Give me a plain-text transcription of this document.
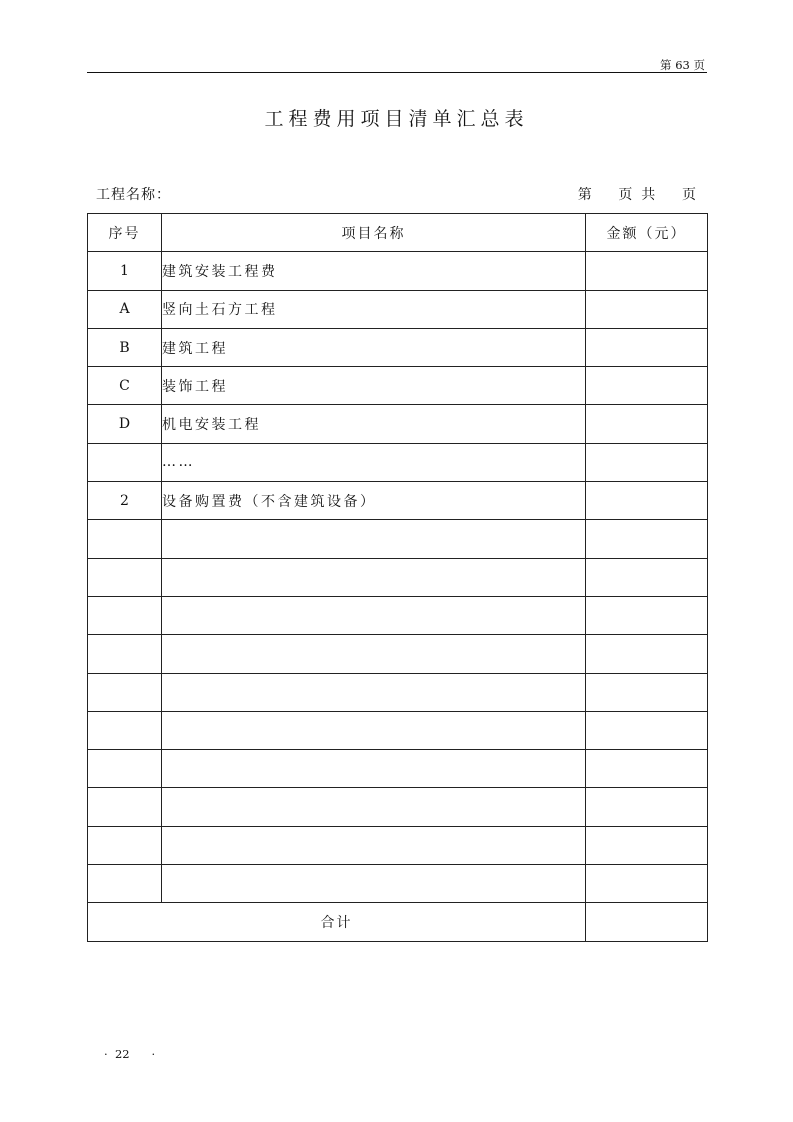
第 63 页
工程费用项目清单汇总表
工程名称：	第      页  共      页
序号	项目名称	金额（元）
1	建筑安装工程费	
A	竖向土石方工程	
B	建筑工程	
C	装饰工程	
D	机电安装工程	
	……	
2	设备购置费（不含建筑设备）	

合计		
·  22      ·
